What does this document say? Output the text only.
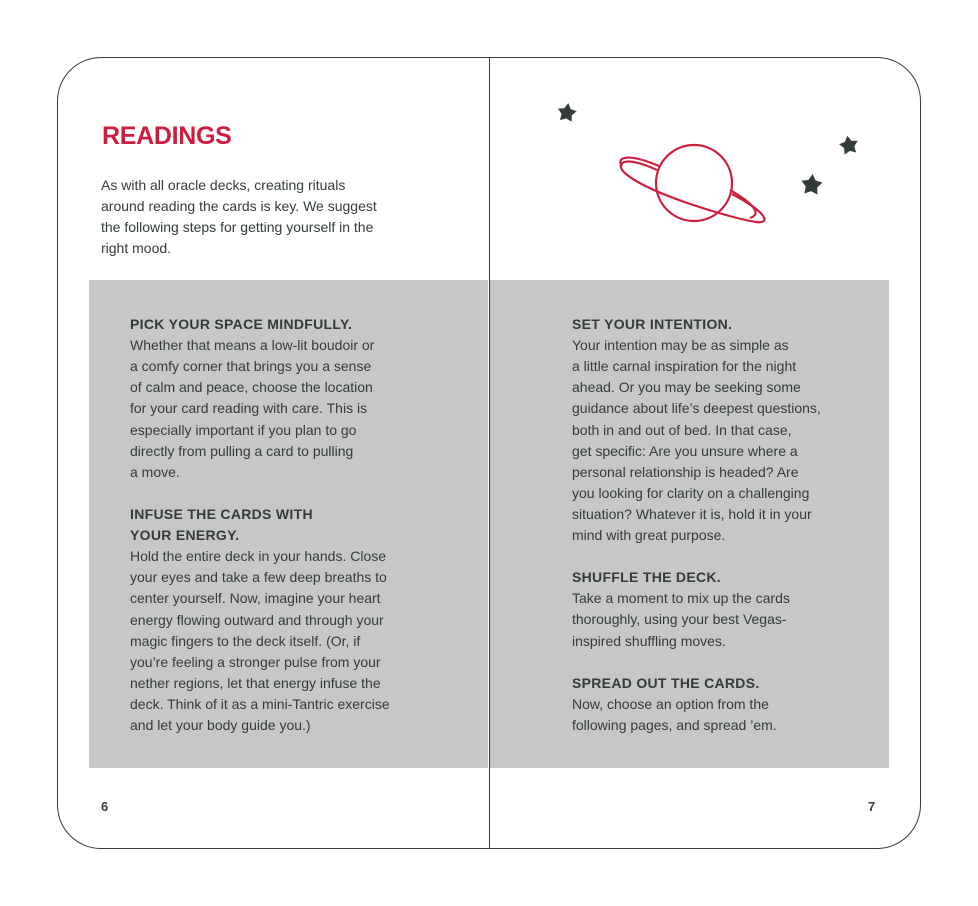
READINGS

As with all oracle decks, creating rituals
around reading the cards is key. We suggest
the following steps for getting yourself in the
right mood.

PICK YOUR SPACE MINDFULLY.
Whether that means a low-lit boudoir or
a comfy corner that brings you a sense
of calm and peace, choose the location
for your card reading with care. This is
especially important if you plan to go
directly from pulling a card to pulling
a move.
INFUSE THE CARDS WITH
YOUR ENERGY.
Hold the entire deck in your hands. Close
your eyes and take a few deep breaths to
center yourself. Now, imagine your heart
energy flowing outward and through your
magic fingers to the deck itself. (Or, if
you’re feeling a stronger pulse from your
nether regions, let that energy infuse the
deck. Think of it as a mini-Tantric exercise
and let your body guide you.)
SET YOUR INTENTION.
Your intention may be as simple as
a little carnal inspiration for the night
ahead. Or you may be seeking some
guidance about life’s deepest questions,
both in and out of bed. In that case,
get specific: Are you unsure where a
personal relationship is headed? Are
you looking for clarity on a challenging
situation? Whatever it is, hold it in your
mind with great purpose.
SHUFFLE THE DECK.
Take a moment to mix up the cards
thoroughly, using your best Vegas-
inspired shuffling moves.
SPREAD OUT THE CARDS.
Now, choose an option from the
following pages, and spread ’em.
6	7
